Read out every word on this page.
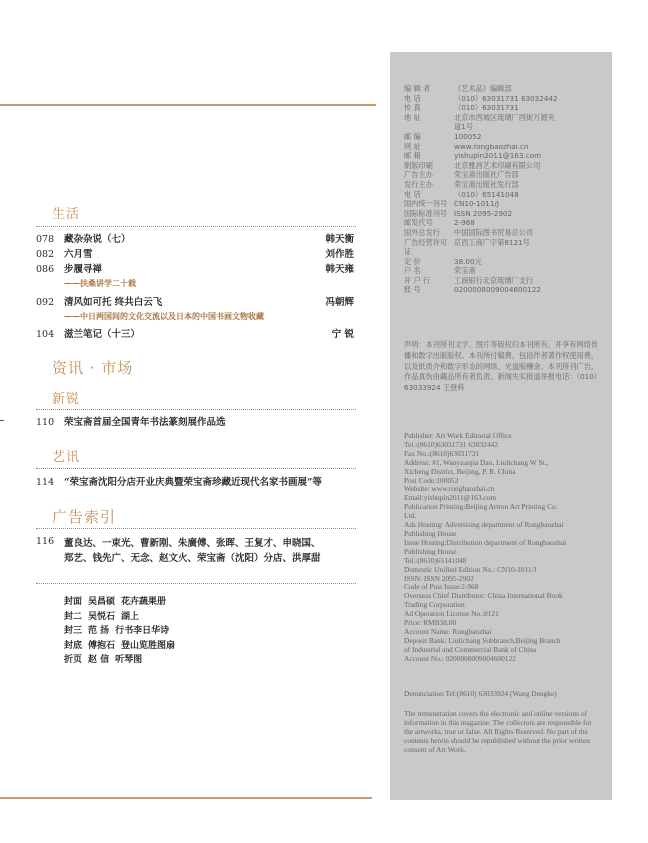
生活
078 藏杂杂说（七）	韩天衡
082 六月雪	刘作胜
086 步履寻禅	韩天雍
——扶桑讲学二十载
092 清风如可托 终共白云飞	冯朝辉
——中日两国间的文化交流以及日本的中国书画文物收藏
104 滋兰笔记（十三）	宁 锐
资讯 · 市场
新锐
110 荣宝斋首届全国青年书法篆刻展作品选
艺讯
114 “荣宝斋沈阳分店开业庆典暨荣宝斋珍藏近现代名家书画展”等
广告索引
116 董良达、一束光、曹新刚、朱廣傅、张晖、王复才、申晓国、
郑艺、钱先广、无念、赵文火、荣宝斋（沈阳）分店、洪厚甜
封面 吴昌硕 花卉蔬果册
封二 吴悦石 湖上
封三 范 扬 行书李日华诗
封底 傅抱石 登山览胜图扇
折页 赵 信 听琴图
编 辑 者	《艺术品》编辑部
电 话	（010）63031731 63032442
传 真	（010）63031731
地 址	北京市西城区琉璃厂西街万源夹
道1号
邮 编	100052
网 址	www.rongbaozhai.cn
邮 箱	yishupin2011@163.com
制版印刷	北京雅昌艺术印刷有限公司
广告主办	荣宝斋出版社广告部
发行主办	荣宝斋出版社发行部
电 话	（010）65141048
国内统一刊号 CN10-1011/J
国际标准刊号 ISSN 2095-2902
邮发代号	2-968
国外总发行	中国国际图书贸易总公司
广告经营许可证
京西工商广字第8121号
定 价	38.00元
户 名	荣宝斋
开 户 行	工商银行北京琉璃厂支行
账 号	0200008009004600122
声明：本刊所刊文字、图片等版权归本刊所有，并享有网络传播和数字出版版权。本刊所付稿费，包括作者著作权使用费，以及纸质介和数字形态的网络、光盘版酬金。本刊所刊广告，作品真伪由藏品所有者负责。新闻失实报道举报电话：（010）63033924 王登科
Publisher: Art Work Editorial Office
Tel.:(8610)63031731 63032442
Fax No.:(8610)63031731
Address: #1, Wanyuanjia Dao, Liulichang W St.,
Xicheng District, Beijing, P. R. China
Post Code:100052
Website: www.rongbaozhai.cn
Email:yishupin2011@163.com
Publication Printing:Beijing Artron Art Printing Co.
Ltd.
Ads Hosting: Advertising department of Rongbaozhai
Publishing House
Issue Hosting:Distribution department of Rongbaozhai
Publishing House
Tel.:(8610)65141048
Domestic Unified Edition No.: CN10-1011/J
ISSN: ISSN 2095-2902
Code of Post Issue:2-968
Overseas Chief Distributor: China International Book
Trading Corporation
Ad Operation License No.:8121
Price: RMB38.00
Account Name: Rongbaozhai
Deposit Bank: Liulichang Subbranch,Beijing Branch
of Industrial and Commercial Bank of China
Account No.: 0200008009004600122
Denunciation Tel:(8610) 63033924 (Wang Dengke)
The remuneration covers the electronic and online versions of information in this magazine. The collectors are responsible for the artworks, true or false. All Rights Reserved. No part of the contents herein should be republished without the prior written consent of Art Work.
